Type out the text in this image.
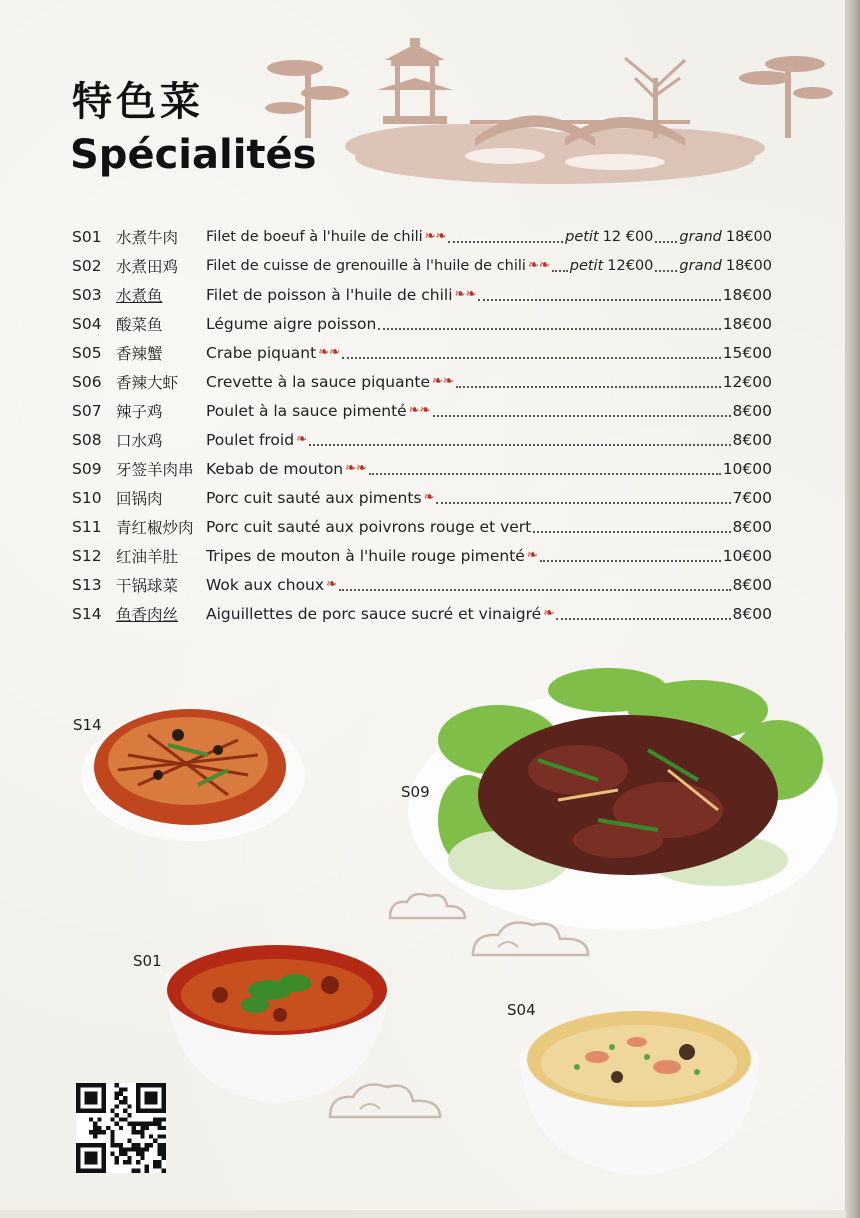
特色菜
Spécialités
S01 水煮牛肉	Filet de boeuf à l'huile de chili ❧❧	petit 12 €00 grand 18€00
S02 水煮田鸡	Filet de cuisse de grenouille à l'huile de chili ❧❧ petit 12€00 grand 18€00
S03 水煮鱼	Filet de poisson à l'huile de chili ❧❧	18€00
S04 酸菜鱼	Légume aigre poisson	18€00
S05 香辣蟹	Crabe piquant ❧❧	15€00
S06 香辣大虾	Crevette à la sauce piquante ❧❧	12€00
S07 辣子鸡	Poulet à la sauce pimenté ❧❧	8€00
S08 口水鸡	Poulet froid ❧	8€00
S09 牙签羊肉串 Kebab de mouton ❧❧	10€00
S10 回锅肉	Porc cuit sauté aux piments ❧	7€00
S11 青红椒炒肉 Porc cuit sauté aux poivrons rouge et vert	8€00
S12 红油羊肚	Tripes de mouton à l'huile rouge pimenté ❧	10€00
S13 干锅球菜	Wok aux choux ❧	8€00
S14 鱼香肉丝	Aiguillettes de porc sauce sucré et vinaigré ❧	8€00
S14
S09
S01
S04
